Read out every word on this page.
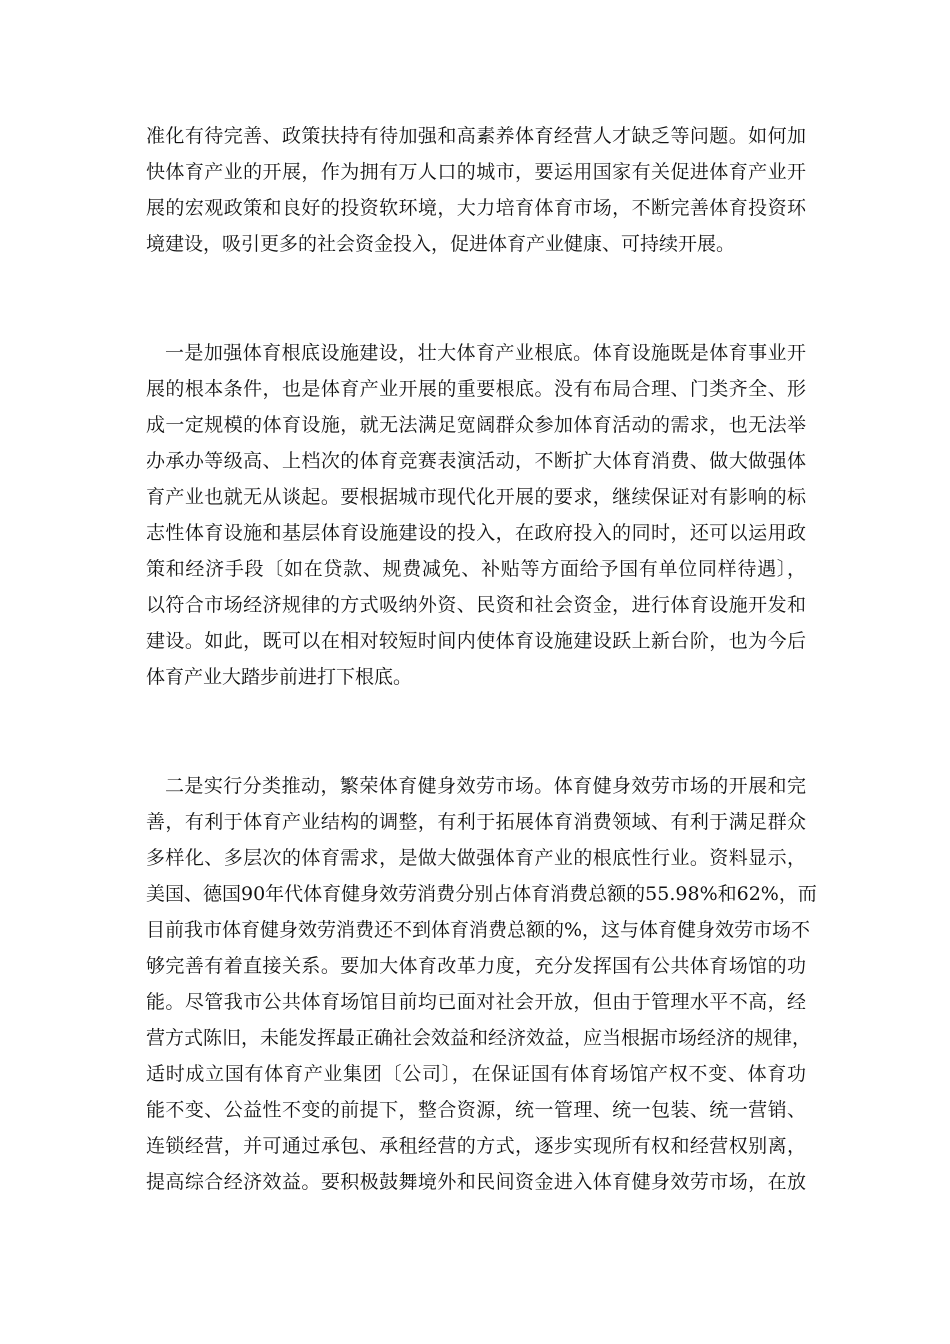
准化有待完善、政策扶持有待加强和高素养体育经营人才缺乏等问题。如何加
快体育产业的开展，作为拥有万人口的城市，要运用国家有关促进体育产业开
展的宏观政策和良好的投资软环境，大力培育体育市场，不断完善体育投资环
境建设，吸引更多的社会资金投入，促进体育产业健康、可持续开展。
一是加强体育根底设施建设，壮大体育产业根底。体育设施既是体育事业开
展的根本条件，也是体育产业开展的重要根底。没有布局合理、门类齐全、形
成一定规模的体育设施，就无法满足宽阔群众参加体育活动的需求，也无法举
办承办等级高、上档次的体育竞赛表演活动，不断扩大体育消费、做大做强体
育产业也就无从谈起。要根据城市现代化开展的要求，继续保证对有影响的标
志性体育设施和基层体育设施建设的投入，在政府投入的同时，还可以运用政
策和经济手段〔如在贷款、规费减免、补贴等方面给予国有单位同样待遇〕，
以符合市场经济规律的方式吸纳外资、民资和社会资金，进行体育设施开发和
建设。如此，既可以在相对较短时间内使体育设施建设跃上新台阶，也为今后
体育产业大踏步前进打下根底。
二是实行分类推动，繁荣体育健身效劳市场。体育健身效劳市场的开展和完
善，有利于体育产业结构的调整，有利于拓展体育消费领域、有利于满足群众
多样化、多层次的体育需求，是做大做强体育产业的根底性行业。资料显示，
美国、德国90年代体育健身效劳消费分别占体育消费总额的55.98%和62%，而
目前我市体育健身效劳消费还不到体育消费总额的%，这与体育健身效劳市场不
够完善有着直接关系。要加大体育改革力度，充分发挥国有公共体育场馆的功
能。尽管我市公共体育场馆目前均已面对社会开放，但由于管理水平不高，经
营方式陈旧，未能发挥最正确社会效益和经济效益，应当根据市场经济的规律，
适时成立国有体育产业集团〔公司〕，在保证国有体育场馆产权不变、体育功
能不变、公益性不变的前提下，整合资源，统一管理、统一包装、统一营销、
连锁经营，并可通过承包、承租经营的方式，逐步实现所有权和经营权别离，
提高综合经济效益。要积极鼓舞境外和民间资金进入体育健身效劳市场，在放
